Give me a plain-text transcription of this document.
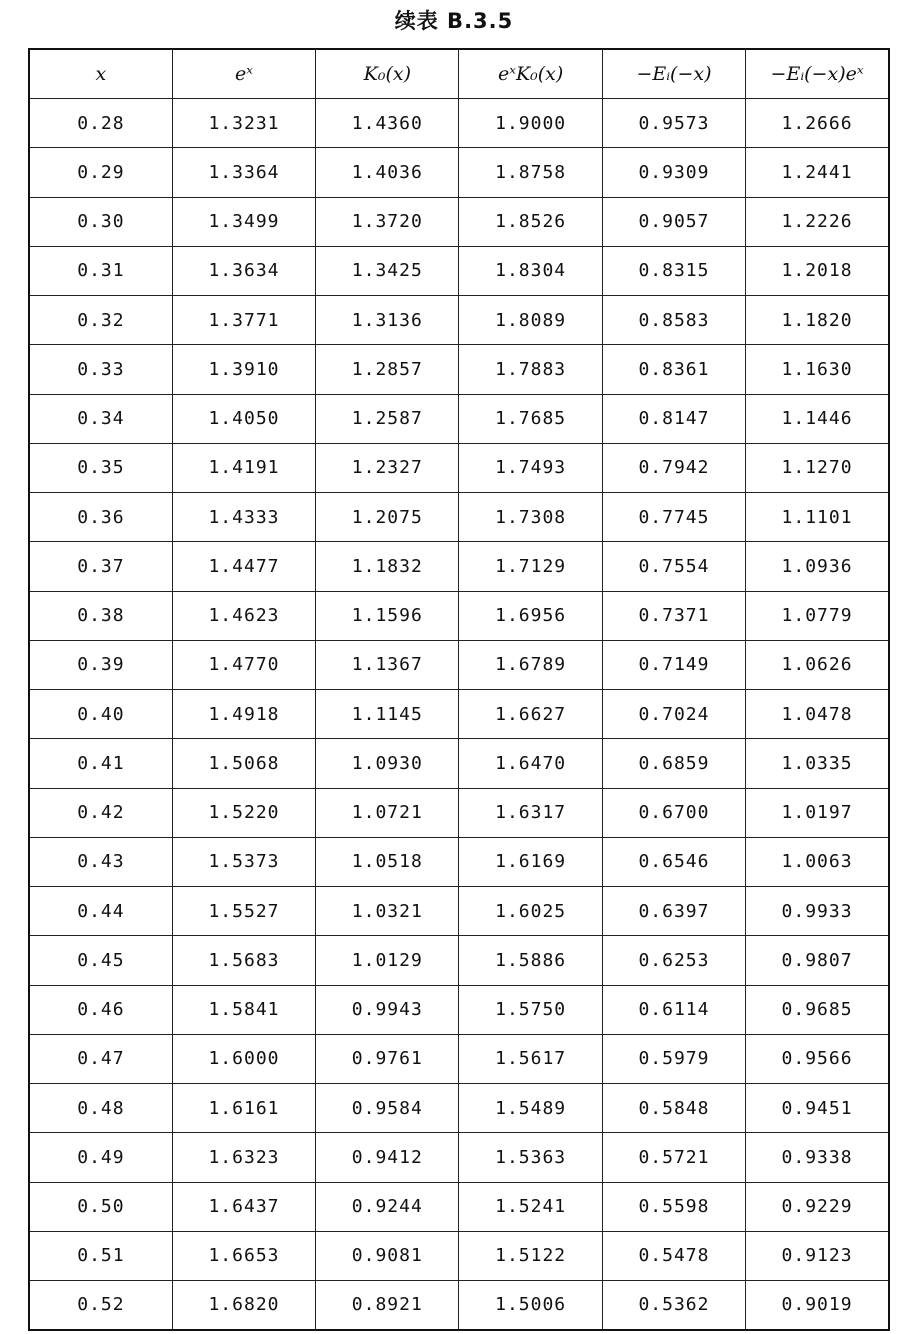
续表 B.3.5
x	eˣ	K₀(x)	eˣK₀(x)	−Eᵢ(−x)	−Eᵢ(−x)eˣ
0.28	1.3231	1.4360	1.9000	0.9573	1.2666
0.29	1.3364	1.4036	1.8758	0.9309	1.2441
0.30	1.3499	1.3720	1.8526	0.9057	1.2226
0.31	1.3634	1.3425	1.8304	0.8315	1.2018
0.32	1.3771	1.3136	1.8089	0.8583	1.1820
0.33	1.3910	1.2857	1.7883	0.8361	1.1630
0.34	1.4050	1.2587	1.7685	0.8147	1.1446
0.35	1.4191	1.2327	1.7493	0.7942	1.1270
0.36	1.4333	1.2075	1.7308	0.7745	1.1101
0.37	1.4477	1.1832	1.7129	0.7554	1.0936
0.38	1.4623	1.1596	1.6956	0.7371	1.0779
0.39	1.4770	1.1367	1.6789	0.7149	1.0626
0.40	1.4918	1.1145	1.6627	0.7024	1.0478
0.41	1.5068	1.0930	1.6470	0.6859	1.0335
0.42	1.5220	1.0721	1.6317	0.6700	1.0197
0.43	1.5373	1.0518	1.6169	0.6546	1.0063
0.44	1.5527	1.0321	1.6025	0.6397	0.9933
0.45	1.5683	1.0129	1.5886	0.6253	0.9807
0.46	1.5841	0.9943	1.5750	0.6114	0.9685
0.47	1.6000	0.9761	1.5617	0.5979	0.9566
0.48	1.6161	0.9584	1.5489	0.5848	0.9451
0.49	1.6323	0.9412	1.5363	0.5721	0.9338
0.50	1.6437	0.9244	1.5241	0.5598	0.9229
0.51	1.6653	0.9081	1.5122	0.5478	0.9123
0.52	1.6820	0.8921	1.5006	0.5362	0.9019
